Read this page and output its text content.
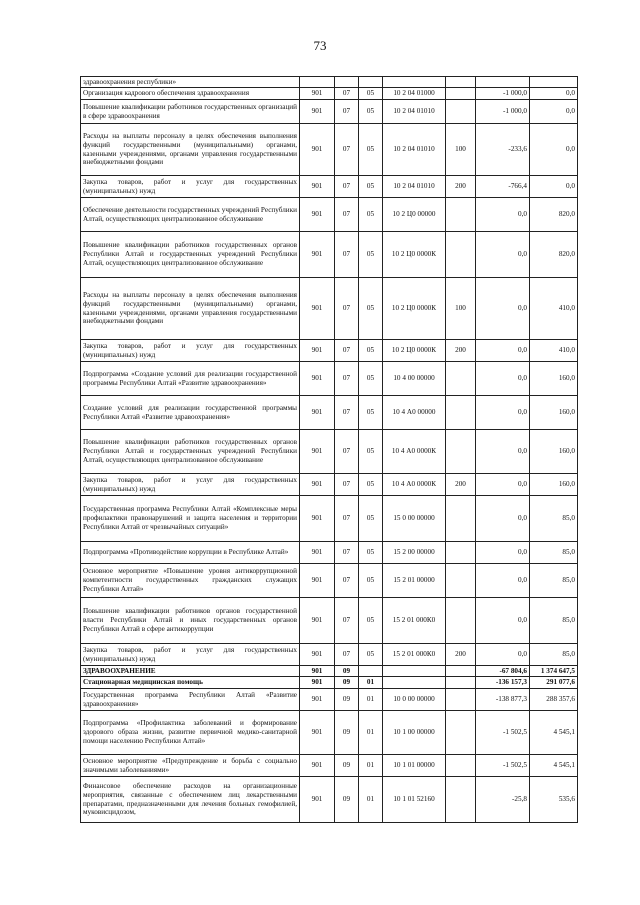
73
здравоохранения республики»							
Организация кадрового обеспечения здравоохранения	901	07	05	10 2 04 01000		-1 000,0	0,0
Повышение квалификации работников государственных организаций в сфере здравоохранения	901	07	05	10 2 04 01010		-1 000,0	0,0
Расходы на выплаты персоналу в целях обеспечения выполнения функций государственными (муниципальными) органами, казенными учреждениями, органами управления государственными внебюджетными фондами	901	07	05	10 2 04 01010	100	-233,6	0,0
Закупка товаров, работ и услуг для государственных (муниципальных) нужд	901	07	05	10 2 04 01010	200	-766,4	0,0
Обеспечение деятельности государственных учреждений Республики Алтай, осуществляющих централизованное обслуживание	901	07	05	10 2 Ц0 00000		0,0	820,0
Повышение квалификации работников государственных органов Республики Алтай и государственных учреждений Республики Алтай, осуществляющих централизованное обслуживание	901	07	05	10 2 Ц0 0000К		0,0	820,0
Расходы на выплаты персоналу в целях обеспечения выполнения функций государственными (муниципальными) органами, казенными учреждениями, органами управления государственными внебюджетными фондами	901	07	05	10 2 Ц0 0000К	100	0,0	410,0
Закупка товаров, работ и услуг для государственных (муниципальных) нужд	901	07	05	10 2 Ц0 0000К	200	0,0	410,0
Подпрограмма «Создание условий для реализации государственной программы Республики Алтай «Развитие здравоохранения»	901	07	05	10 4 00 00000		0,0	160,0
Создание условий для реализации государственной программы Республики Алтай «Развитие здравоохранения»	901	07	05	10 4 А0 00000		0,0	160,0
Повышение квалификации работников государственных органов Республики Алтай и государственных учреждений Республики Алтай, осуществляющих централизованное обслуживание	901	07	05	10 4 А0 0000К		0,0	160,0
Закупка товаров, работ и услуг для государственных (муниципальных) нужд	901	07	05	10 4 А0 0000К	200	0,0	160,0
Государственная программа Республики Алтай «Комплексные меры профилактики правонарушений и защита населения и территории Республики Алтай от чрезвычайных ситуаций»	901	07	05	15 0 00 00000		0,0	85,0
Подпрограмма «Противодействие коррупции в Республике Алтай»	901	07	05	15 2 00 00000		0,0	85,0
Основное мероприятие «Повышение уровня антикоррупционной компетентности государственных гражданских служащих Республики Алтай»	901	07	05	15 2 01 00000		0,0	85,0
Повышение квалификации работников органов государственной власти Республики Алтай и иных государственных органов Республики Алтай в сфере антикоррупции	901	07	05	15 2 01 000К0		0,0	85,0
Закупка товаров, работ и услуг для государственных (муниципальных) нужд	901	07	05	15 2 01 000К0	200	0,0	85,0
ЗДРАВООХРАНЕНИЕ	901	09				-67 804,6	1 374 647,5
Стационарная медицинская помощь	901	09	01			-136 157,3	291 077,6
Государственная программа Республики Алтай «Развитие здравоохранения»	901	09	01	10 0 00 00000		-138 877,3	288 357,6
Подпрограмма «Профилактика заболеваний и формирование здорового образа жизни, развитие первичной медико-санитарной помощи населению Республики Алтай»	901	09	01	10 1 00 00000		-1 502,5	4 545,1
Основное мероприятие «Предупреждение и борьба с социально значимыми заболеваниями»	901	09	01	10 1 01 00000		-1 502,5	4 545,1
Финансовое обеспечение расходов на организационные мероприятия, связанные с обеспечением лиц лекарственными препаратами, предназначенными для лечения больных гемофилией, муковисцидозом,	901	09	01	10 1 01 52160		-25,8	535,6
